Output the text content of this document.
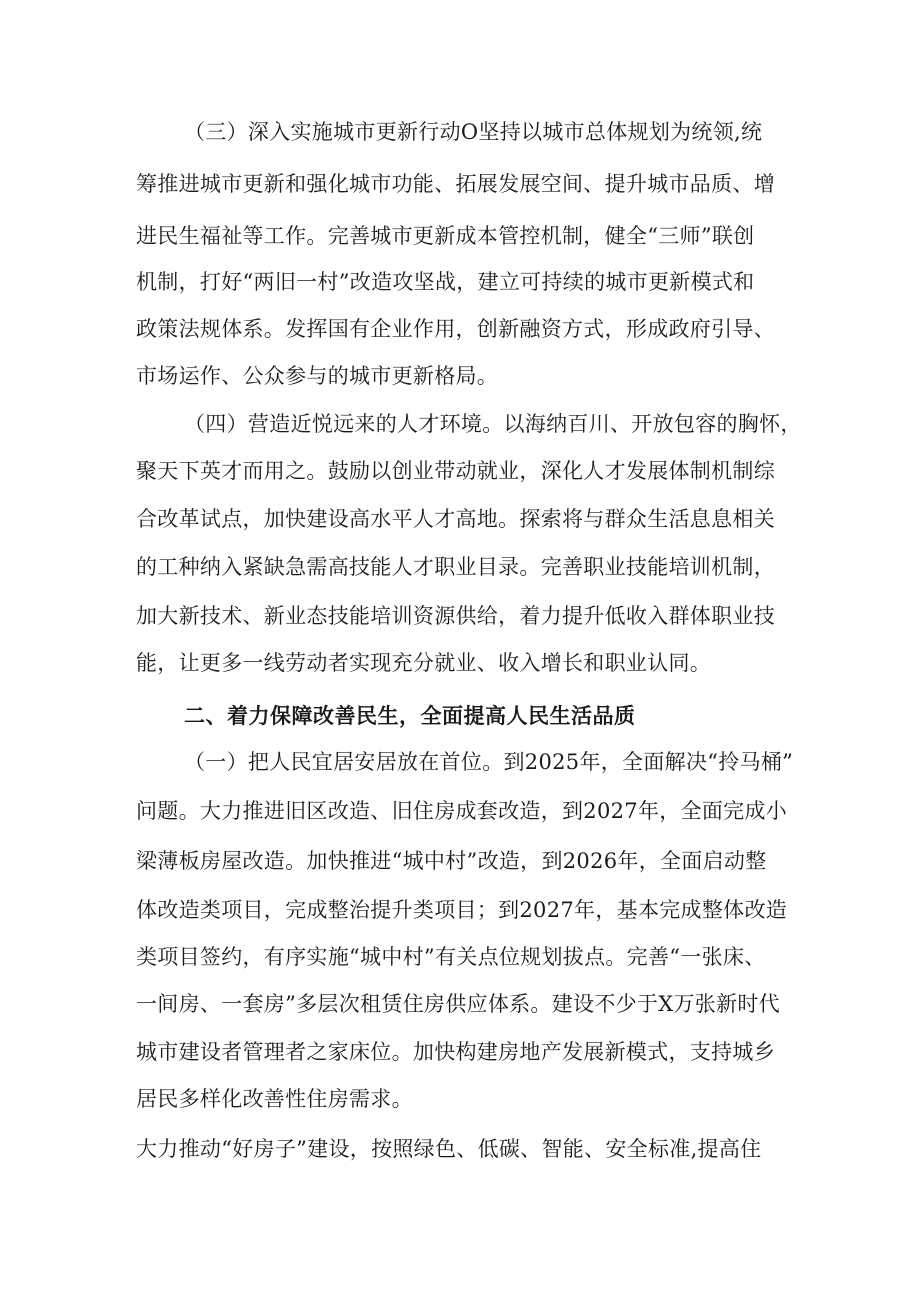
（三）深入实施城市更新行动O坚持以城市总体规划为统领,统
筹推进城市更新和强化城市功能、拓展发展空间、提升城市品质、增
进民生福祉等工作。完善城市更新成本管控机制，健全“三师”联创
机制，打好“两旧一村”改造攻坚战，建立可持续的城市更新模式和
政策法规体系。发挥国有企业作用，创新融资方式，形成政府引导、
市场运作、公众参与的城市更新格局。
（四）营造近悦远来的人才环境。以海纳百川、开放包容的胸怀，
聚天下英才而用之。鼓励以创业带动就业，深化人才发展体制机制综
合改革试点，加快建设高水平人才高地。探索将与群众生活息息相关
的工种纳入紧缺急需高技能人才职业目录。完善职业技能培训机制，
加大新技术、新业态技能培训资源供给，着力提升低收入群体职业技
能，让更多一线劳动者实现充分就业、收入增长和职业认同。
二、着力保障改善民生，全面提高人民生活品质
（一）把人民宜居安居放在首位。到2025年，全面解决“拎马桶”
问题。大力推进旧区改造、旧住房成套改造，到2027年，全面完成小
梁薄板房屋改造。加快推进“城中村”改造，到2026年，全面启动整
体改造类项目，完成整治提升类项目；到2027年，基本完成整体改造
类项目签约，有序实施“城中村”有关点位规划拔点。完善“一张床、
一间房、一套房”多层次租赁住房供应体系。建设不少于X万张新时代
城市建设者管理者之家床位。加快构建房地产发展新模式，支持城乡
居民多样化改善性住房需求。
大力推动“好房子”建设，按照绿色、低碳、智能、安全标准,提高住
